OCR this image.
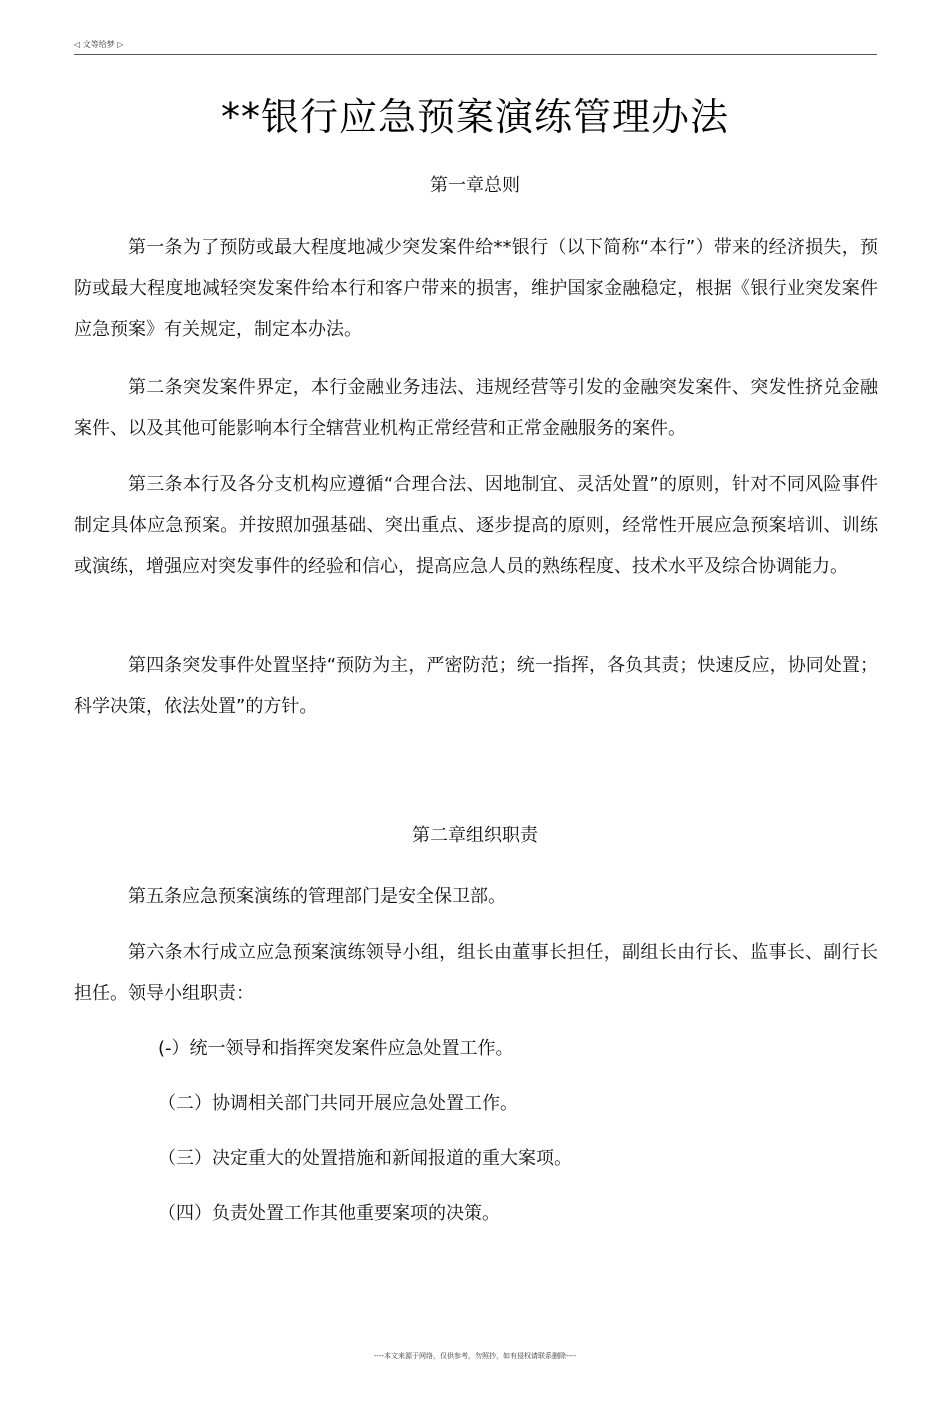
◁ 文等给梦 ▷
**银行应急预案演练管理办法
第一章总则

第一条为了预防或最大程度地减少突发案件给**银行（以下简称“本行”）带来的经济损失，预防或最大程度地减轻突发案件给本行和客户带来的损害，维护国家金融稳定，根据《银行业突发案件应急预案》有关规定，制定本办法。

第二条突发案件界定，本行金融业务违法、违规经营等引发的金融突发案件、突发性挤兑金融案件、以及其他可能影响本行全辖营业机构正常经营和正常金融服务的案件。

第三条本行及各分支机构应遵循“合理合法、因地制宜、灵活处置”的原则，针对不同风险事件制定具体应急预案。并按照加强基础、突出重点、逐步提高的原则，经常性开展应急预案培训、训练或演练，增强应对突发事件的经验和信心，提高应急人员的熟练程度、技术水平及综合协调能力。

第四条突发事件处置坚持“预防为主，严密防范；统一指挥，各负其责；快速反应，协同处置；科学决策，依法处置”的方针。

第二章组织职责

第五条应急预案演练的管理部门是安全保卫部。

第六条木行成立应急预案演练领导小组，组长由董事长担任，副组长由行长、监事长、副行长担任。领导小组职责：

(-）统一领导和指挥突发案件应急处置工作。

（二）协调相关部门共同开展应急处置工作。

（三）决定重大的处置措施和新闻报道的重大案项。

（四）负责处置工作其他重要案项的决策。

----本文来源于网络，仅供参考，勿照抄，如有侵权请联系删除----
